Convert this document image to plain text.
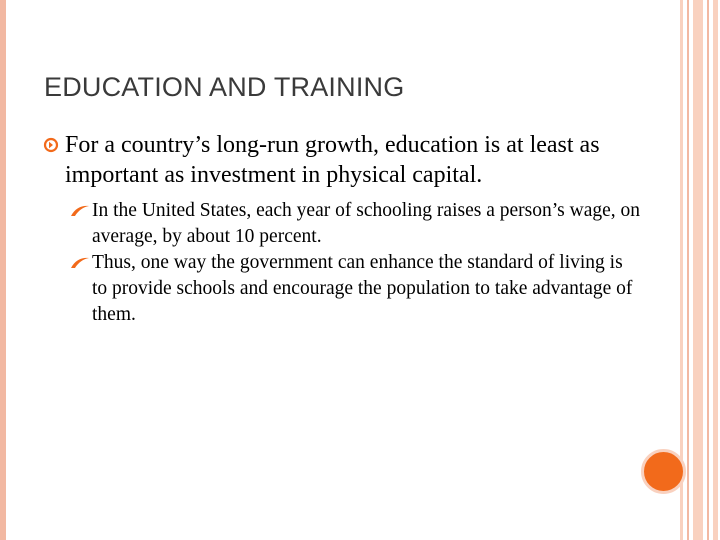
EDUCATION AND TRAINING
For a country’s long-run growth, education is at least as important as investment in physical capital.
In the United States, each year of schooling raises a person’s wage, on average, by about 10 percent.
Thus, one way the government can enhance the standard of living is to provide schools and encourage the population to take advantage of them.
